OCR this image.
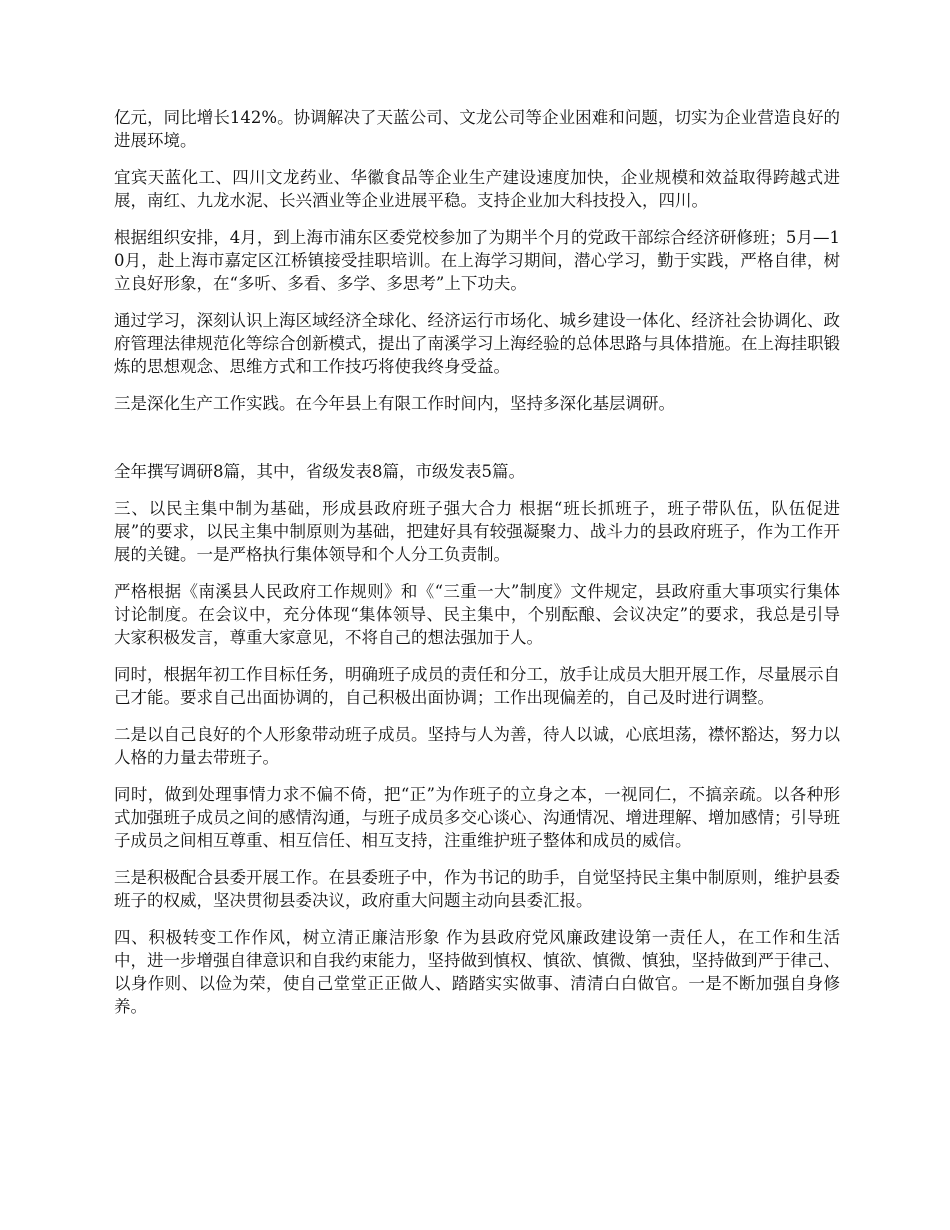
亿元，同比增长142%。协调解决了天蓝公司、文龙公司等企业困难和问题，切实为企业营造良好的进展环境。

宜宾天蓝化工、四川文龙药业、华徽食品等企业生产建设速度加快，企业规模和效益取得跨越式进展，南红、九龙水泥、长兴酒业等企业进展平稳。支持企业加大科技投入，四川。

根据组织安排，4月，到上海市浦东区委党校参加了为期半个月的党政干部综合经济研修班；5月—10月，赴上海市嘉定区江桥镇接受挂职培训。在上海学习期间，潜心学习，勤于实践，严格自律，树立良好形象，在“多听、多看、多学、多思考”上下功夫。

通过学习，深刻认识上海区域经济全球化、经济运行市场化、城乡建设一体化、经济社会协调化、政府管理法律规范化等综合创新模式，提出了南溪学习上海经验的总体思路与具体措施。在上海挂职锻炼的思想观念、思维方式和工作技巧将使我终身受益。

三是深化生产工作实践。在今年县上有限工作时间内，坚持多深化基层调研。

全年撰写调研8篇，其中，省级发表8篇，市级发表5篇。

三、以民主集中制为基础，形成县政府班子强大合力 根据“班长抓班子，班子带队伍，队伍促进展”的要求，以民主集中制原则为基础，把建好具有较强凝聚力、战斗力的县政府班子，作为工作开展的关键。一是严格执行集体领导和个人分工负责制。

严格根据《南溪县人民政府工作规则》和《“三重一大”制度》文件规定，县政府重大事项实行集体讨论制度。在会议中，充分体现“集体领导、民主集中，个别酝酿、会议决定”的要求，我总是引导大家积极发言，尊重大家意见，不将自己的想法强加于人。

同时，根据年初工作目标任务，明确班子成员的责任和分工，放手让成员大胆开展工作，尽量展示自己才能。要求自己出面协调的，自己积极出面协调；工作出现偏差的，自己及时进行调整。

二是以自己良好的个人形象带动班子成员。坚持与人为善，待人以诚，心底坦荡，襟怀豁达，努力以人格的力量去带班子。

同时，做到处理事情力求不偏不倚，把“正”为作班子的立身之本，一视同仁，不搞亲疏。以各种形式加强班子成员之间的感情沟通，与班子成员多交心谈心、沟通情况、增进理解、增加感情；引导班子成员之间相互尊重、相互信任、相互支持，注重维护班子整体和成员的威信。

三是积极配合县委开展工作。在县委班子中，作为书记的助手，自觉坚持民主集中制原则，维护县委班子的权威，坚决贯彻县委决议，政府重大问题主动向县委汇报。

四、积极转变工作作风，树立清正廉洁形象 作为县政府党风廉政建设第一责任人，在工作和生活中，进一步增强自律意识和自我约束能力，坚持做到慎权、慎欲、慎微、慎独，坚持做到严于律己、以身作则、以俭为荣，使自己堂堂正正做人、踏踏实实做事、清清白白做官。一是不断加强自身修养。
